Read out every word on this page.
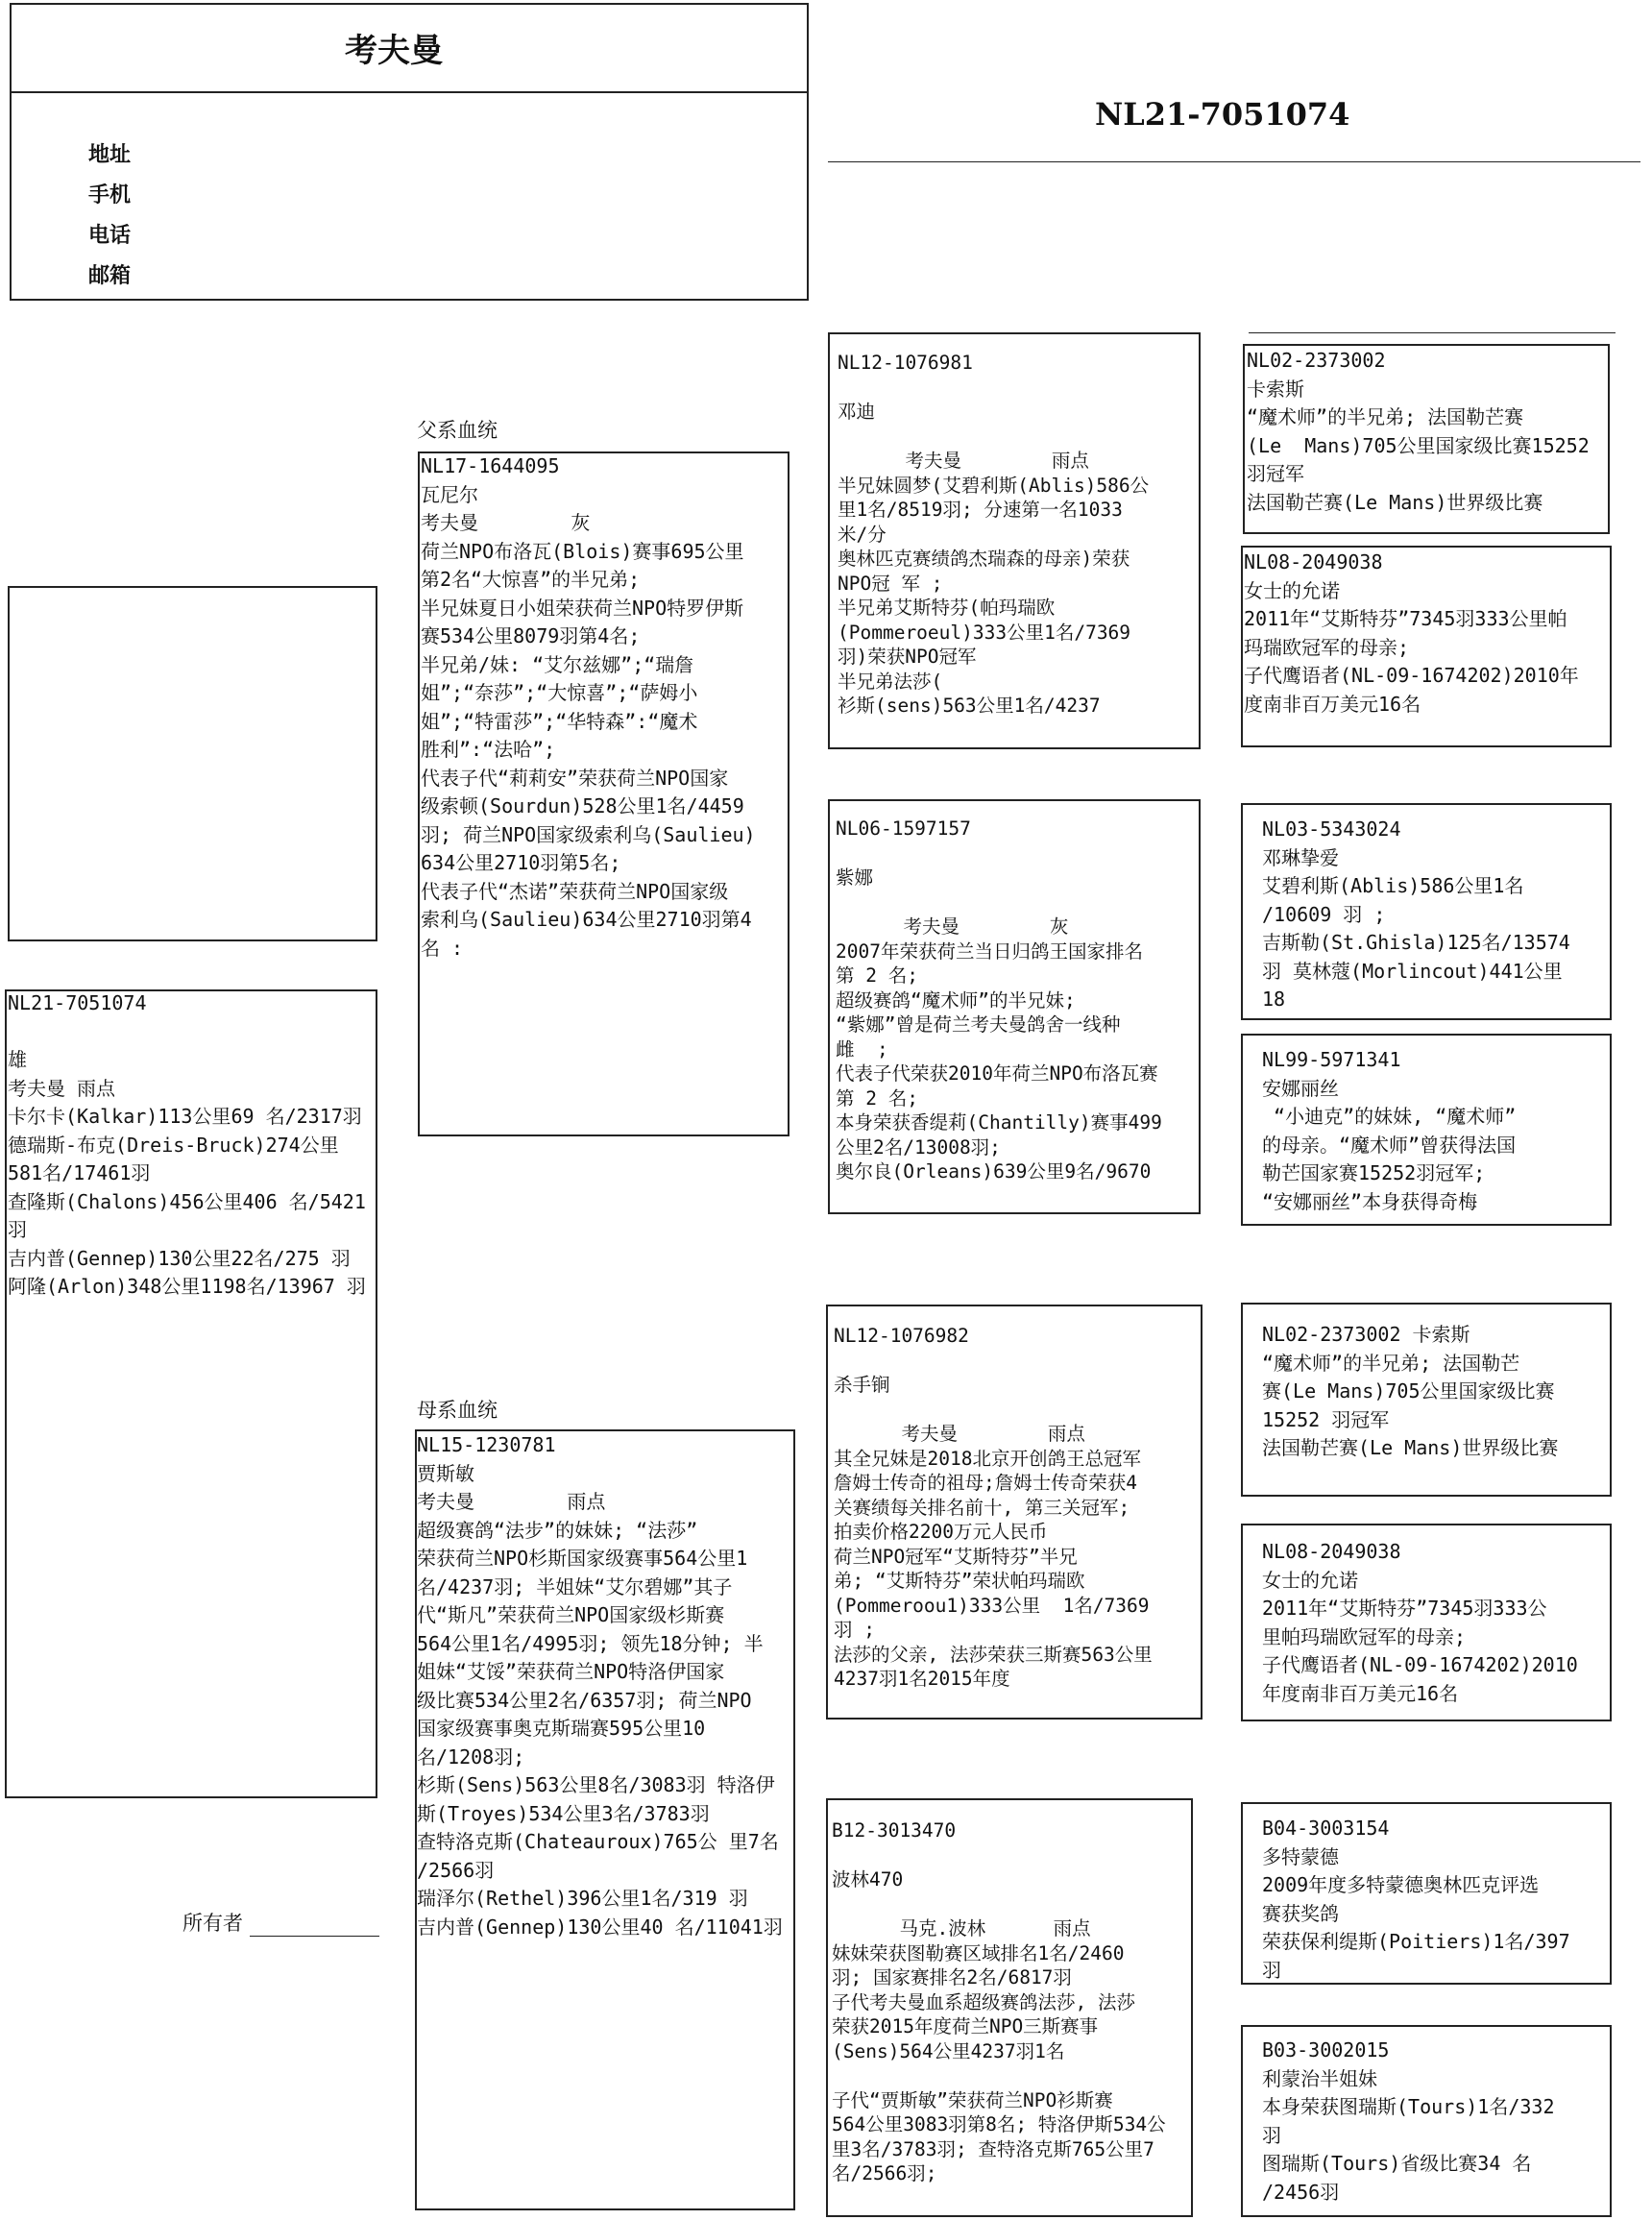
考夫曼
地址
手机
电话
邮箱
NL21-7051074
父系血统
母系血统
所有者
NL21-7051074

雄
考夫曼 雨点
卡尔卡(Kalkar)113公里69 名/2317羽
德瑞斯-布克(Dreis-Bruck)274公里
581名/17461羽
查隆斯(Chalons)456公里406 名/5421
羽
吉内普(Gennep)130公里22名/275 羽
阿隆(Arlon)348公里1198名/13967 羽
NL17-1644095
瓦尼尔
考夫曼        灰
荷兰NPO布洛瓦(Blois)赛事695公里
第2名“大惊喜”的半兄弟;
半兄妹夏日小姐荣获荷兰NPO特罗伊斯
赛534公里8079羽第4名;
半兄弟/妹: “艾尔兹娜”;“瑞詹
姐”;“奈莎”;“大惊喜”;“萨姆小
姐”;“特雷莎”;“华特森”:“魔术
胜利”:“法哈”;
代表子代“莉莉安”荣获荷兰NPO国家
级索顿(Sourdun)528公里1名/4459
羽; 荷兰NPO国家级索利乌(Saulieu)
634公里2710羽第5名;
代表子代“杰诺”荣获荷兰NPO国家级
索利乌(Saulieu)634公里2710羽第4
名 :
NL15-1230781
贾斯敏
考夫曼        雨点
超级赛鸽“法步”的妹妹; “法莎”
荣获荷兰NPO杉斯国家级赛事564公里1
名/4237羽; 半姐妹“艾尔碧娜”其子
代“斯凡”荣获荷兰NPO国家级杉斯赛
564公里1名/4995羽; 领先18分钟; 半
姐妹“艾馁”荣获荷兰NPO特洛伊国家
级比赛534公里2名/6357羽; 荷兰NPO
国家级赛事奥克斯瑞赛595公里10
名/1208羽;
杉斯(Sens)563公里8名/3083羽 特洛伊
斯(Troyes)534公里3名/3783羽
查特洛克斯(Chateauroux)765公 里7名
/2566羽
瑞泽尔(Rethel)396公里1名/319 羽
吉内普(Gennep)130公里40 名/11041羽
NL12-1076981

邓迪

考夫曼        雨点
半兄妹圆梦(艾碧利斯(Ablis)586公
里1名/8519羽; 分速第一名1033
米/分
奥林匹克赛绩鸽杰瑞森的母亲)荣获
NPO冠 军 ;
半兄弟艾斯特芬(帕玛瑞欧
(Pommeroeul)333公里1名/7369
羽)荣获NPO冠军
半兄弟法莎(
衫斯(sens)563公里1名/4237
NL06-1597157

紫娜

考夫曼        灰
2007年荣获荷兰当日归鸽王国家排名
第 2 名;
超级赛鸽“魔术师”的半兄妹;
“紫娜”曾是荷兰考夫曼鸽舍一线种
雌  ;
代表子代荣获2010年荷兰NPO布洛瓦赛
第 2 名;
本身荣获香缇莉(Chantilly)赛事499
公里2名/13008羽;
奥尔良(Orleans)639公里9名/9670
NL12-1076982

杀手锏

考夫曼        雨点
其全兄妹是2018北京开创鸽王总冠军
詹姆士传奇的祖母;詹姆士传奇荣获4
关赛绩每关排名前十, 第三关冠军;
拍卖价格2200万元人民币
荷兰NPO冠军“艾斯特芬”半兄
弟; “艾斯特芬”荣状帕玛瑞欧
(Pommeroou1)333公里  1名/7369
羽 ;
法莎的父亲, 法莎荣获三斯赛563公里
4237羽1名2015年度
B12-3013470

波林470

马克.波林      雨点
妹妹荣获图勒赛区域排名1名/2460
羽; 国家赛排名2名/6817羽
子代考夫曼血系超级赛鸽法莎, 法莎
荣获2015年度荷兰NPO三斯赛事
(Sens)564公里4237羽1名

子代“贾斯敏”荣获荷兰NPO衫斯赛
564公里3083羽第8名; 特洛伊斯534公
里3名/3783羽; 查特洛克斯765公里7
名/2566羽;
NL02-2373002
卡索斯
“魔术师”的半兄弟; 法国勒芒赛
(Le  Mans)705公里国家级比赛15252
羽冠军
法国勒芒赛(Le Mans)世界级比赛
NL08-2049038
女士的允诺
2011年“艾斯特芬”7345羽333公里帕
玛瑞欧冠军的母亲;
子代鹰语者(NL-09-1674202)2010年
度南非百万美元16名
NL03-5343024
邓琳挚爱
艾碧利斯(Ablis)586公里1名
/10609 羽 ;
吉斯勒(St.Ghisla)125名/13574
羽 莫林蔻(Morlincout)441公里
18
NL99-5971341
安娜丽丝
“小迪克”的妹妹, “魔术师”
的母亲。“魔术师”曾获得法国
勒芒国家赛15252羽冠军;
“安娜丽丝”本身获得奇梅
NL02-2373002 卡索斯
“魔术师”的半兄弟; 法国勒芒
赛(Le Mans)705公里国家级比赛
15252 羽冠军
法国勒芒赛(Le Mans)世界级比赛
NL08-2049038
女士的允诺
2011年“艾斯特芬”7345羽333公
里帕玛瑞欧冠军的母亲;
子代鹰语者(NL-09-1674202)2010
年度南非百万美元16名
B04-3003154
多特蒙德
2009年度多特蒙德奥林匹克评选
赛获奖鸽
荣获保利缇斯(Poitiers)1名/397
羽
B03-3002015
利蒙治半姐妹
本身荣获图瑞斯(Tours)1名/332
羽
图瑞斯(Tours)省级比赛34 名
/2456羽
